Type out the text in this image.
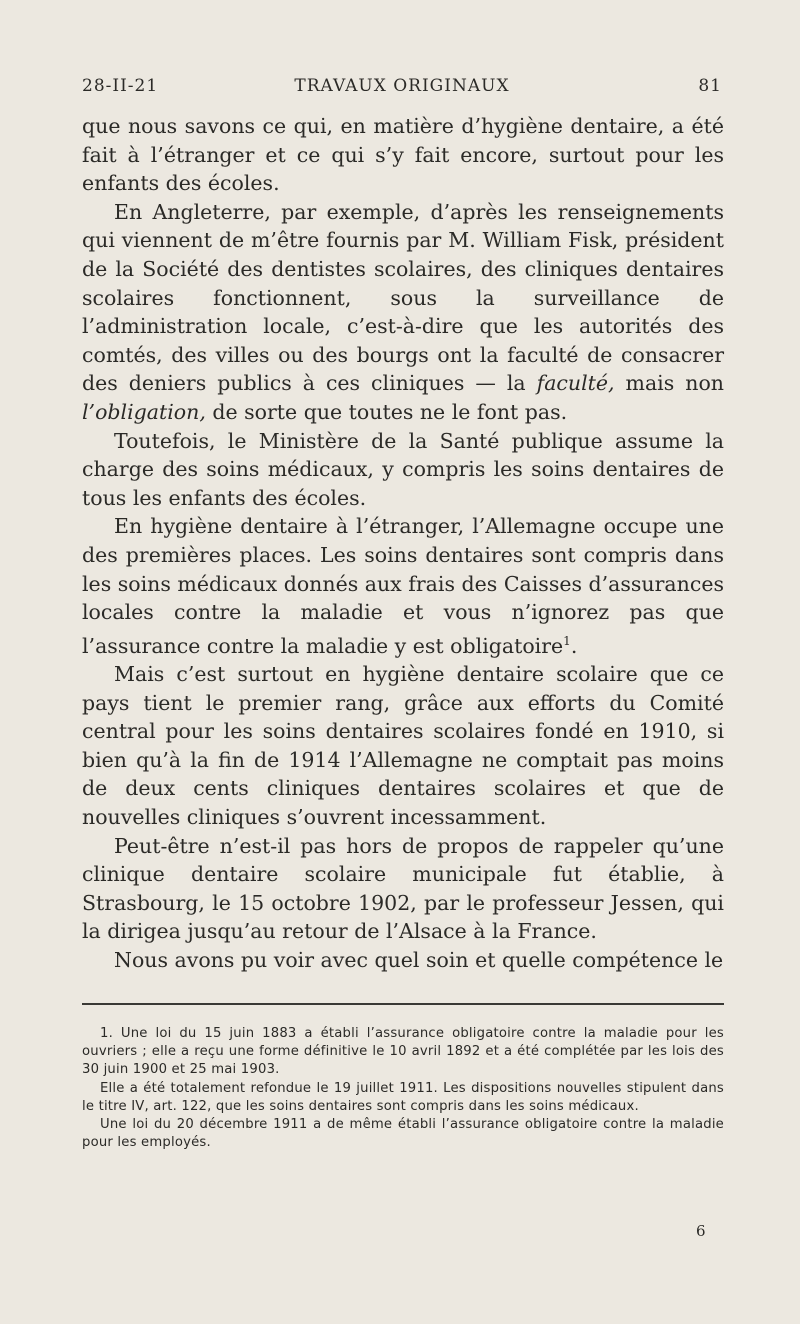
28-II-21	TRAVAUX ORIGINAUX	81

que nous savons ce qui, en matière d’hygiène dentaire, a été fait à l’étranger et ce qui s’y fait encore, surtout pour les enfants des écoles.

En Angleterre, par exemple, d’après les renseignements qui viennent de m’être fournis par M. William Fisk, président de la Société des dentistes scolaires, des cliniques dentaires scolaires fonctionnent, sous la surveillance de l’administration locale, c’est-à-dire que les autorités des comtés, des villes ou des bourgs ont la faculté de consacrer des deniers publics à ces cliniques — la faculté, mais non l’obligation, de sorte que toutes ne le font pas.

Toutefois, le Ministère de la Santé publique assume la charge des soins médicaux, y compris les soins dentaires de tous les enfants des écoles.

En hygiène dentaire à l’étranger, l’Allemagne occupe une des premières places. Les soins dentaires sont compris dans les soins médicaux donnés aux frais des Caisses d’assurances locales contre la maladie et vous n’ignorez pas que l’assurance contre la maladie y est obligatoire$^1$.

Mais c’est surtout en hygiène dentaire scolaire que ce pays tient le premier rang, grâce aux efforts du Comité central pour les soins dentaires scolaires fondé en 1910, si bien qu’à la fin de 1914 l’Allemagne ne comptait pas moins de deux cents cliniques dentaires scolaires et que de nouvelles cliniques s’ouvrent incessamment.

Peut-être n’est-il pas hors de propos de rappeler qu’une clinique dentaire scolaire municipale fut établie, à Strasbourg, le 15 octobre 1902, par le professeur Jessen, qui la dirigea jusqu’au retour de l’Alsace à la France.

Nous avons pu voir avec quel soin et quelle compétence le

1. Une loi du 15 juin 1883 a établi l’assurance obligatoire contre la maladie pour les ouvriers ; elle a reçu une forme définitive le 10 avril 1892 et a été complétée par les lois des 30 juin 1900 et 25 mai 1903.

Elle a été totalement refondue le 19 juillet 1911. Les dispositions nouvelles stipulent dans le titre IV, art. 122, que les soins dentaires sont compris dans les soins médicaux.

Une loi du 20 décembre 1911 a de même établi l’assurance obligatoire contre la maladie pour les employés.

6
